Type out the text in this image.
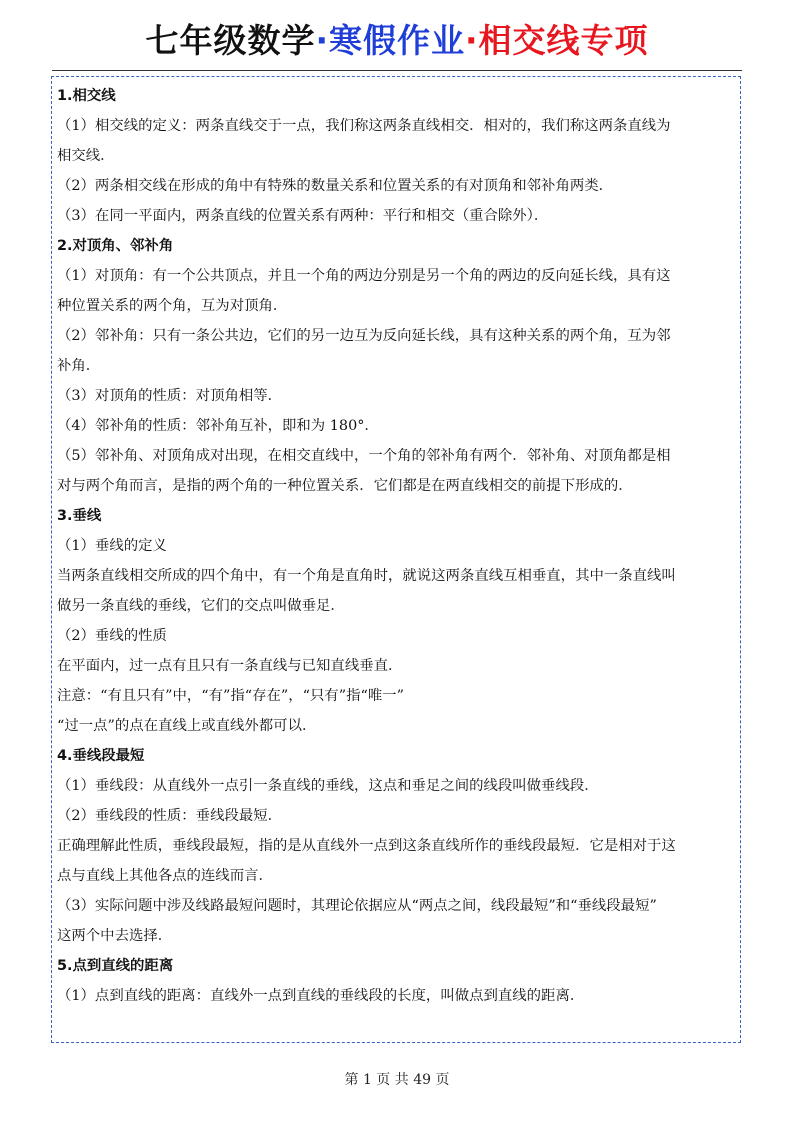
七年级数学·寒假作业·相交线专项
1.相交线
（1）相交线的定义：两条直线交于一点，我们称这两条直线相交．相对的，我们称这两条直线为
相交线．
（2）两条相交线在形成的角中有特殊的数量关系和位置关系的有对顶角和邻补角两类．
（3）在同一平面内，两条直线的位置关系有两种：平行和相交（重合除外）．
2.对顶角、邻补角
（1）对顶角：有一个公共顶点，并且一个角的两边分别是另一个角的两边的反向延长线，具有这
种位置关系的两个角，互为对顶角．
（2）邻补角：只有一条公共边，它们的另一边互为反向延长线，具有这种关系的两个角，互为邻
补角．
（3）对顶角的性质：对顶角相等．
（4）邻补角的性质：邻补角互补，即和为 180°．
（5）邻补角、对顶角成对出现，在相交直线中，一个角的邻补角有两个．邻补角、对顶角都是相
对与两个角而言，是指的两个角的一种位置关系．它们都是在两直线相交的前提下形成的．
3.垂线
（1）垂线的定义
当两条直线相交所成的四个角中，有一个角是直角时，就说这两条直线互相垂直，其中一条直线叫
做另一条直线的垂线，它们的交点叫做垂足．
（2）垂线的性质
在平面内，过一点有且只有一条直线与已知直线垂直．
注意：“有且只有”中，“有”指“存在”，“只有”指“唯一”
“过一点”的点在直线上或直线外都可以．
4.垂线段最短
（1）垂线段：从直线外一点引一条直线的垂线，这点和垂足之间的线段叫做垂线段．
（2）垂线段的性质：垂线段最短．
正确理解此性质，垂线段最短，指的是从直线外一点到这条直线所作的垂线段最短．它是相对于这
点与直线上其他各点的连线而言．
（3）实际问题中涉及线路最短问题时，其理论依据应从“两点之间，线段最短”和“垂线段最短”
这两个中去选择．
5.点到直线的距离
（1）点到直线的距离：直线外一点到直线的垂线段的长度，叫做点到直线的距离．
第 1 页 共 49 页
